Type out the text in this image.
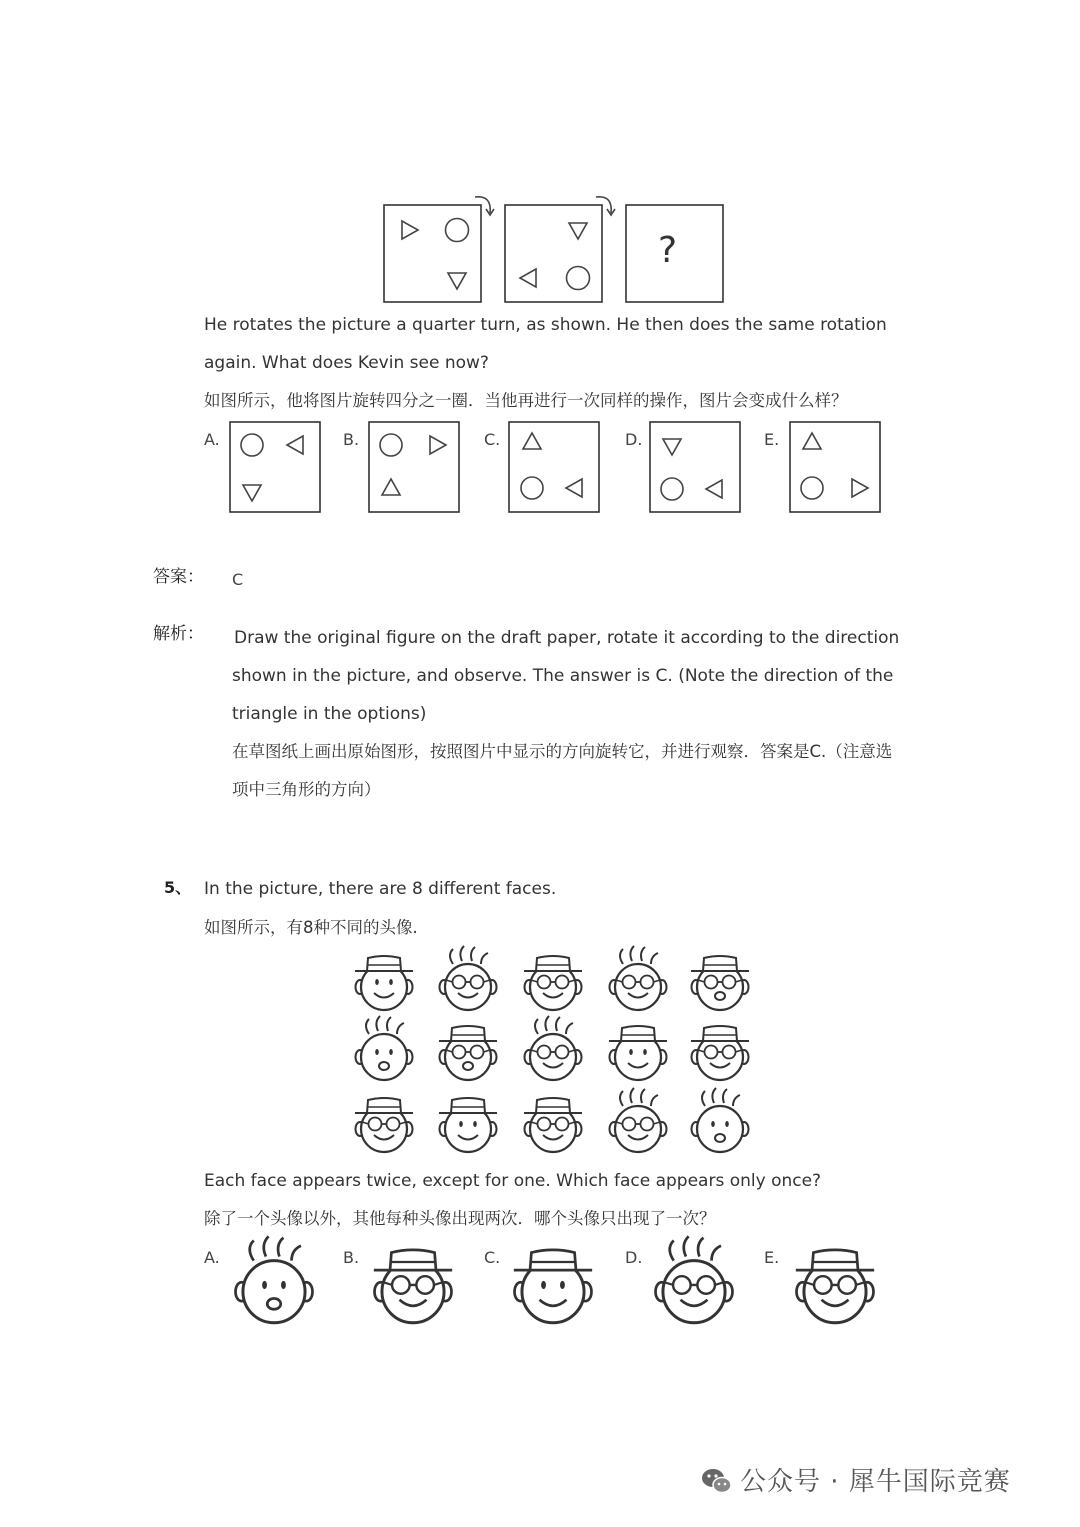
?
He rotates the picture a quarter turn, as shown. He then does the same rotation
again. What does Kevin see now?
如图所示，他将图片旋转四分之一圈．当他再进行一次同样的操作，图片会变成什么样？
A.	B.	C.	D.	E.
答案： C
解析： Draw the original figure on the draft paper, rotate it according to the direction
shown in the picture, and observe. The answer is C. (Note the direction of the
triangle in the options)
在草图纸上画出原始图形，按照图片中显示的方向旋转它，并进行观察．答案是C.（注意选
项中三角形的方向）
5、 In the picture, there are 8 different faces.
如图所示，有8种不同的头像.
Each face appears twice, except for one. Which face appears only once?
除了一个头像以外，其他每种头像出现两次．哪个头像只出现了一次？
A.	B.	C.	D.	E.
公众号 · 犀牛国际竞赛
